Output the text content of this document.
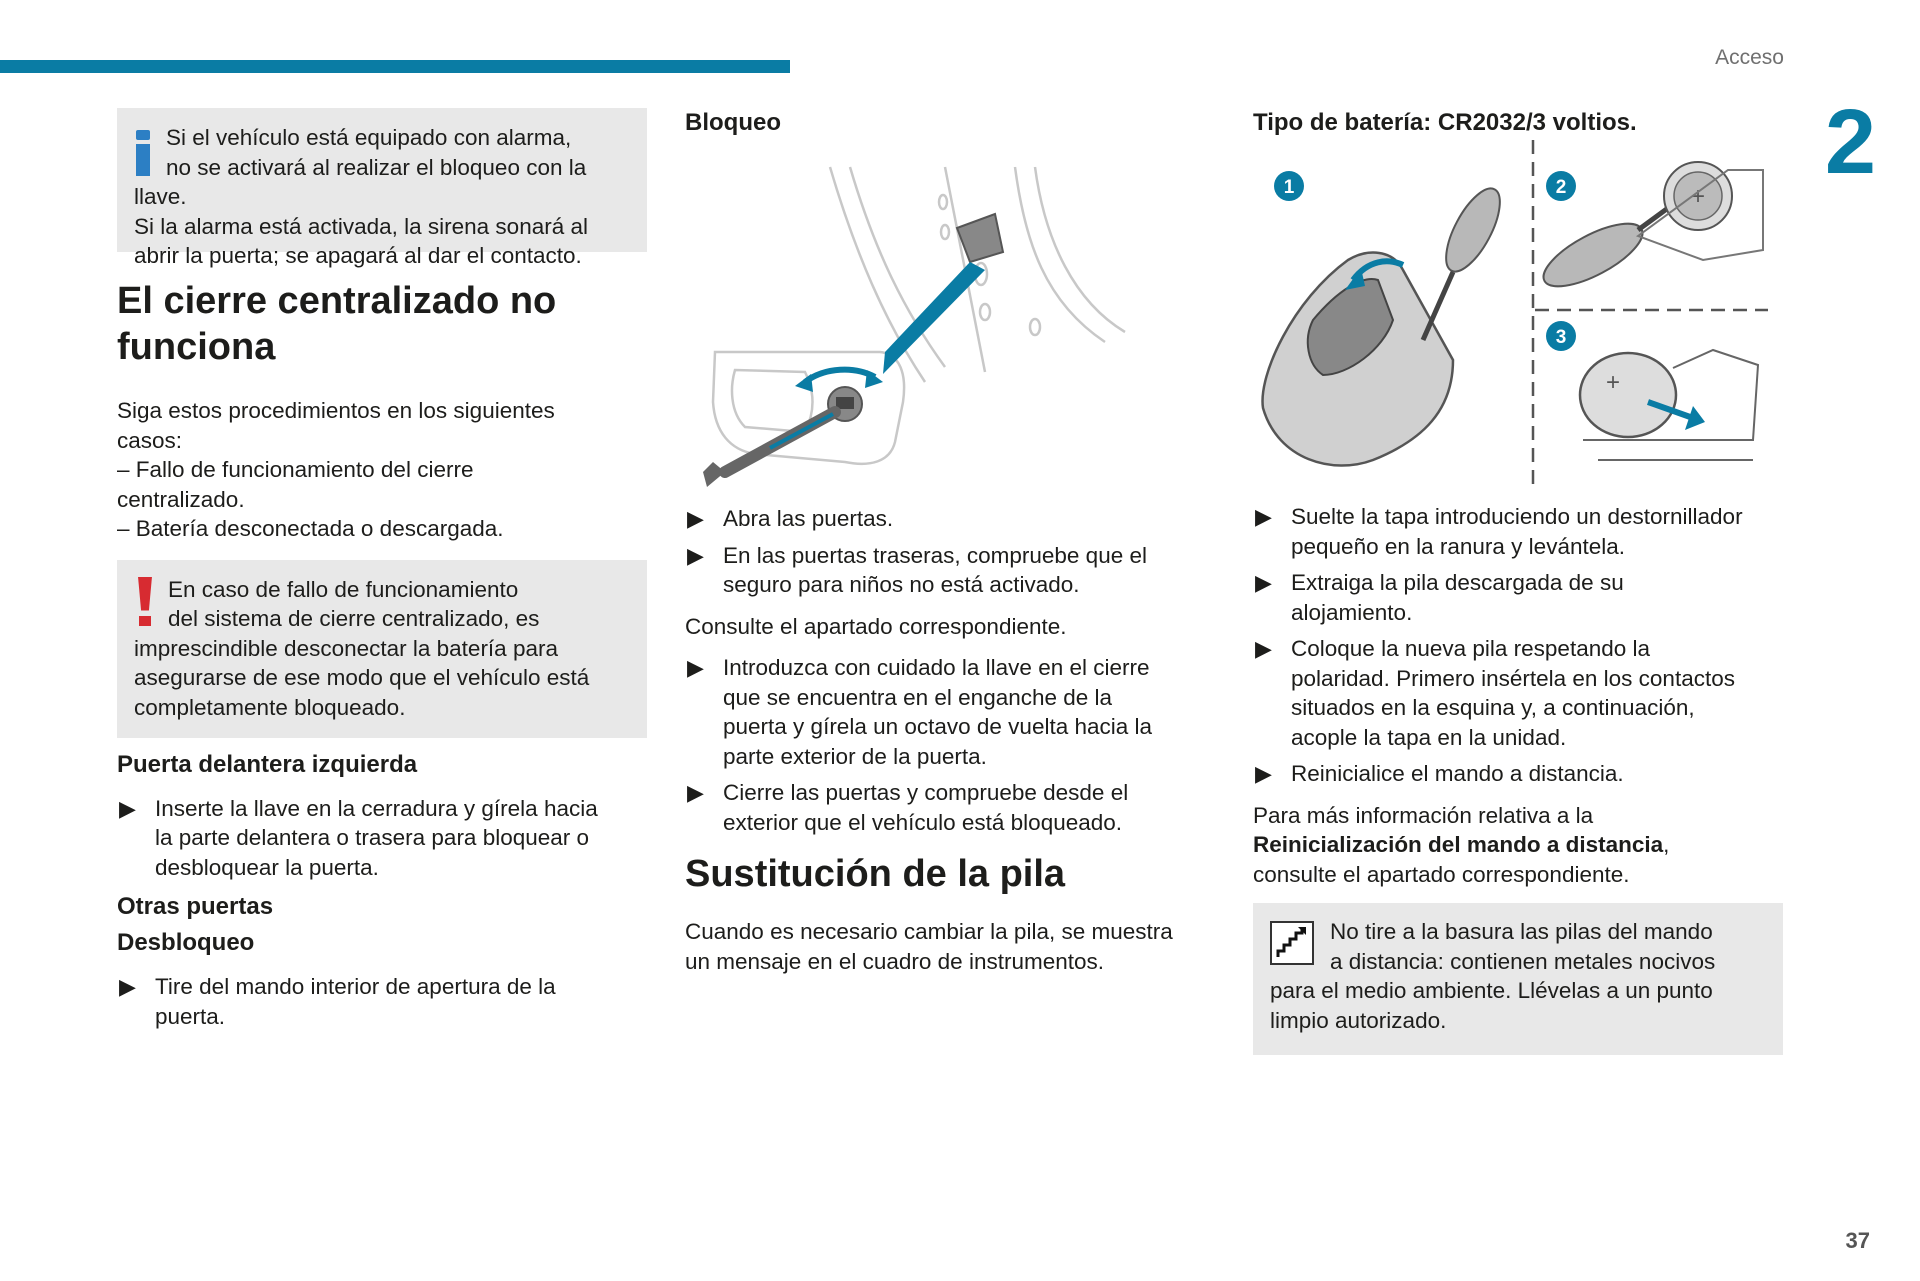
Acceso
2
37

Si el vehículo está equipado con alarma,

no se activará al realizar el bloqueo con la

llave.

Si la alarma está activada, la sirena sonará al

abrir la puerta; se apagará al dar el contacto.

El cierre centralizado no
funciona

Siga estos procedimientos en los siguientes

casos:

– Fallo de funcionamiento del cierre

centralizado.

– Batería desconectada o descargada.

En caso de fallo de funcionamiento

del sistema de cierre centralizado, es

imprescindible desconectar la batería para

asegurarse de ese modo que el vehículo está

completamente bloqueado.

Puerta delantera izquierda
▶ Inserte la llave en la cerradura y gírela hacia

la parte delantera o trasera para bloquear o

desbloquear la puerta.

Otras puertas
Desbloqueo
▶ Tire del mando interior de apertura de la

puerta.

Bloqueo
▶ Abra las puertas.

▶ En las puertas traseras, compruebe que el

seguro para niños no está activado.

Consulte el apartado correspondiente.

▶ Introduzca con cuidado la llave en el cierre

que se encuentra en el enganche de la

puerta y gírela un octavo de vuelta hacia la

parte exterior de la puerta.

▶ Cierre las puertas y compruebe desde el

exterior que el vehículo está bloqueado.

Sustitución de la pila

Cuando es necesario cambiar la pila, se muestra

un mensaje en el cuadro de instrumentos.

Tipo de batería: CR2032/3 voltios.
1	2
3
+
+
▶ Suelte la tapa introduciendo un destornillador

pequeño en la ranura y levántela.

▶ Extraiga la pila descargada de su

alojamiento.

▶ Coloque la nueva pila respetando la

polaridad. Primero insértela en los contactos

situados en la esquina y, a continuación,

acople la tapa en la unidad.

▶ Reinicialice el mando a distancia.

Para más información relativa a la

Reinicialización del mando a distancia,

consulte el apartado correspondiente.

No tire a la basura las pilas del mando

a distancia: contienen metales nocivos

para el medio ambiente. Llévelas a un punto

limpio autorizado.
